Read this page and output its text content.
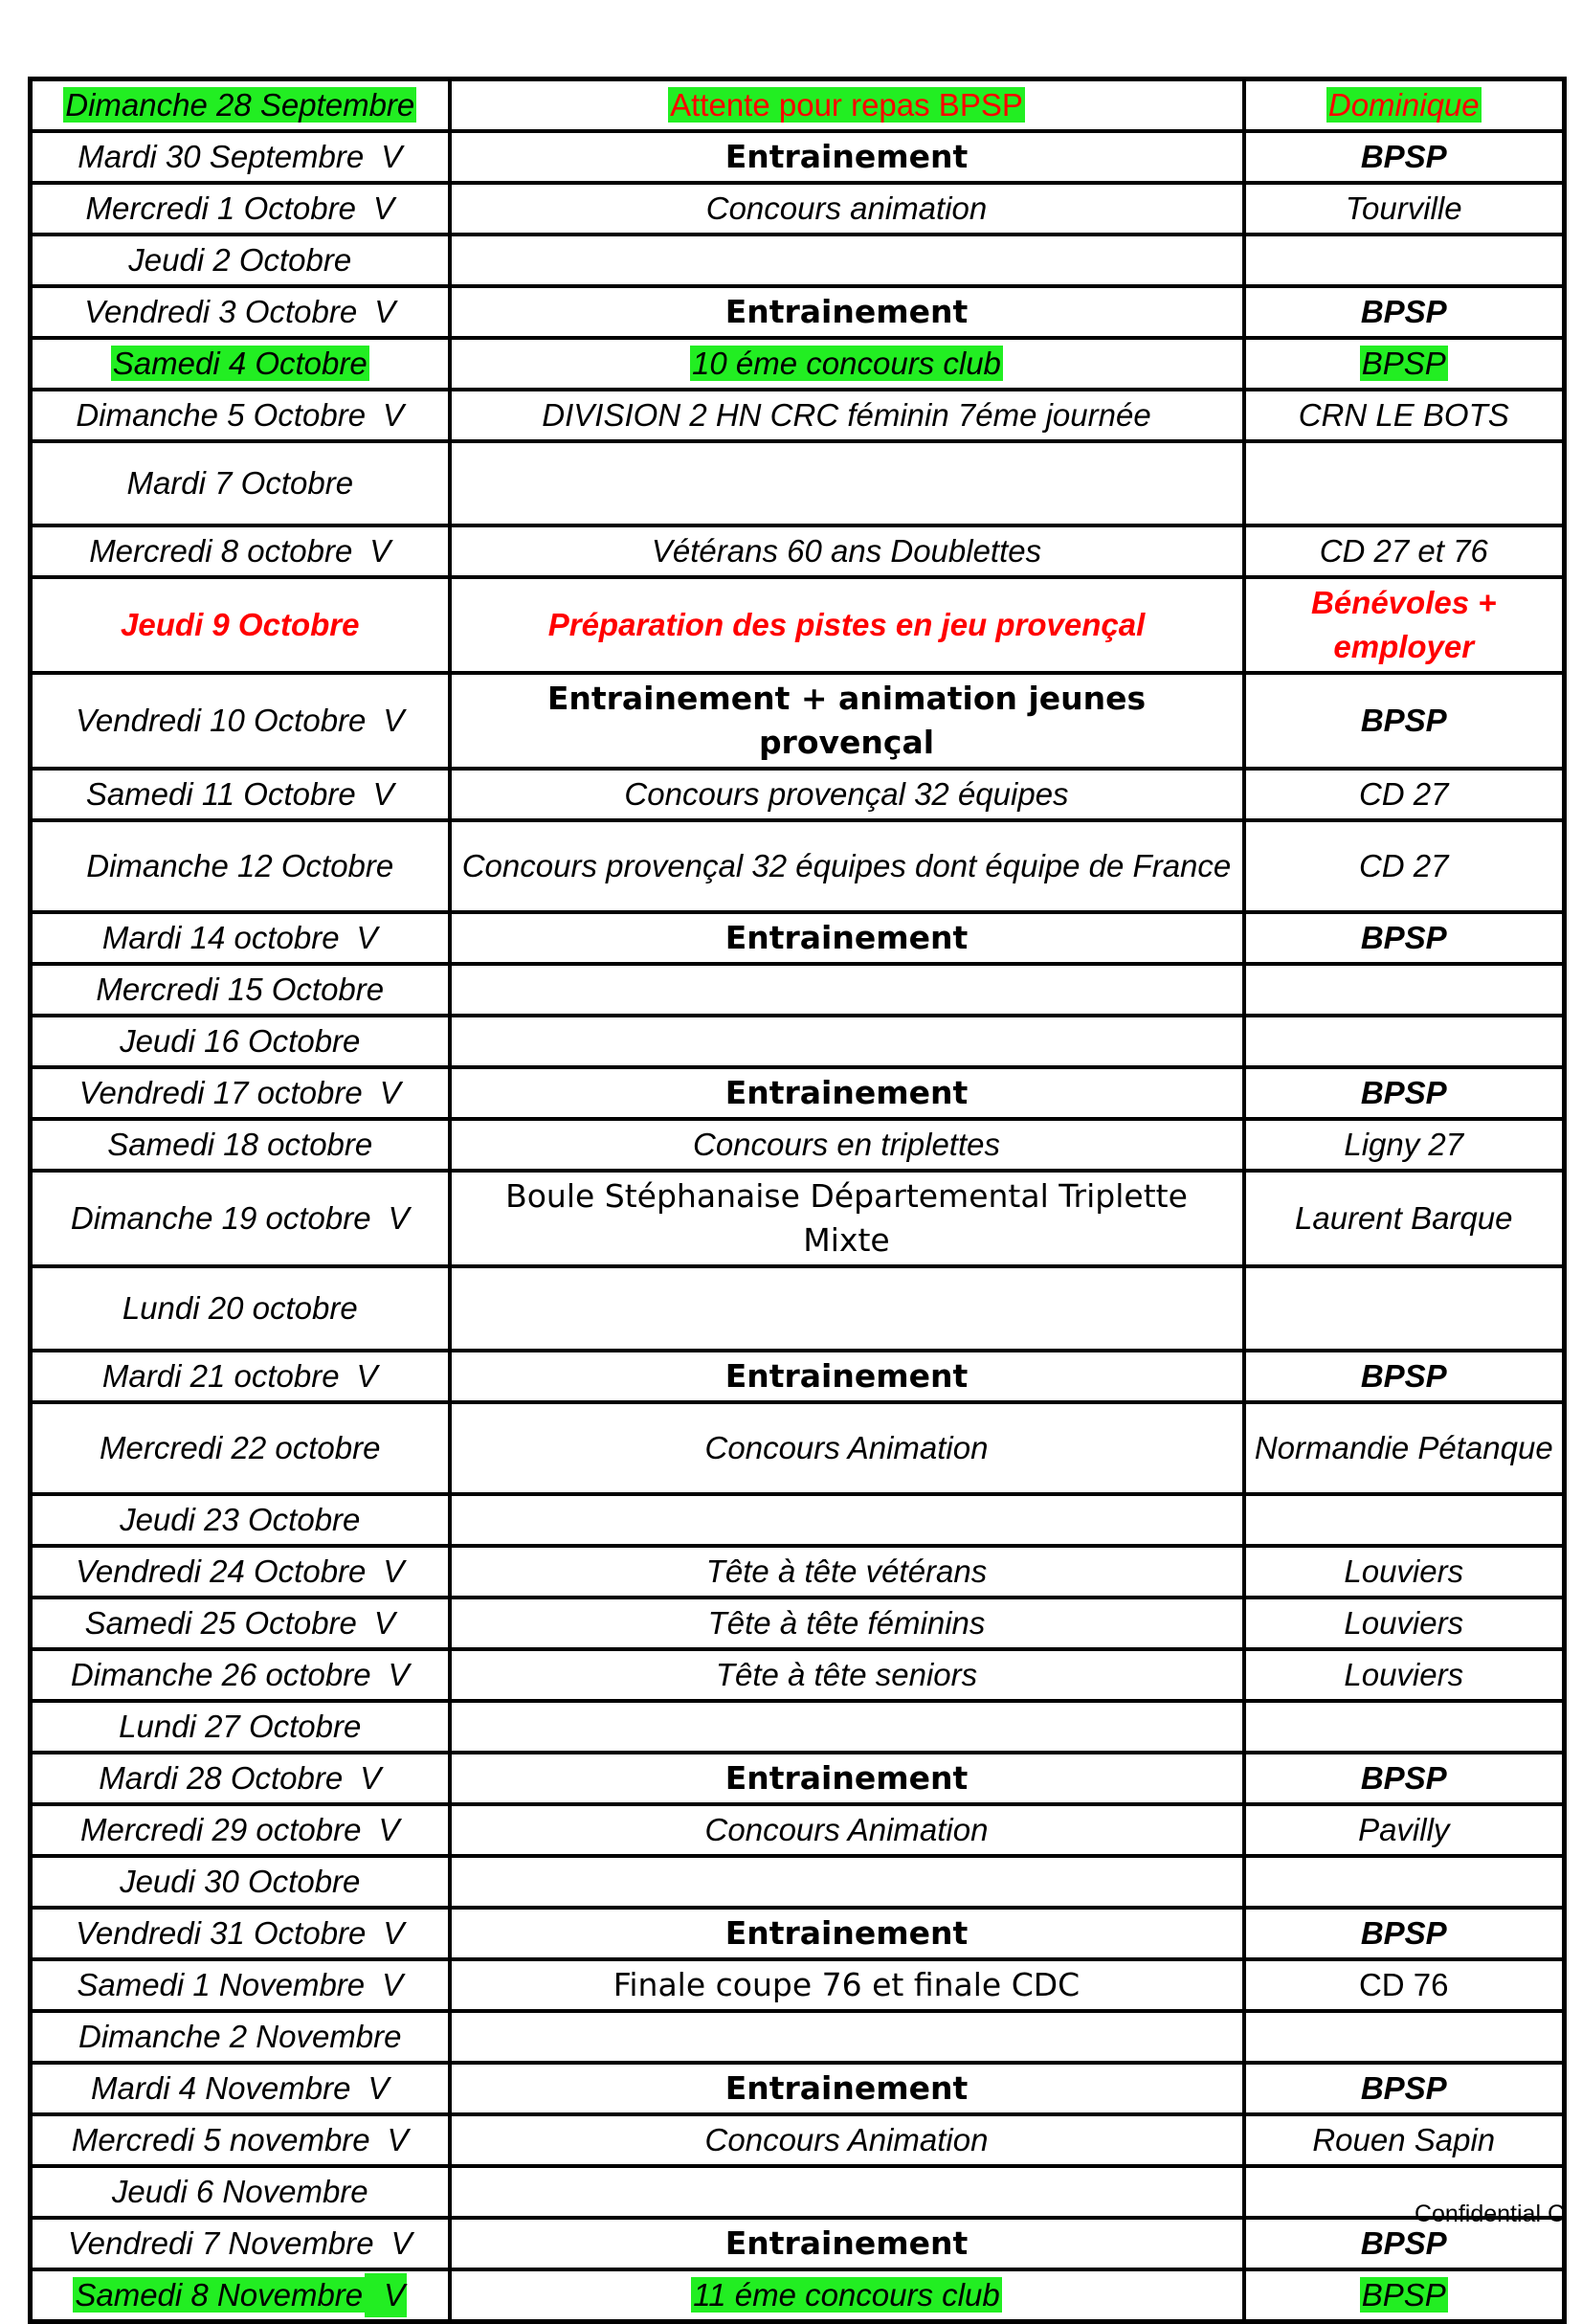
Dimanche 28 Septembre	Attente pour repas BPSP	Dominique
Mardi 30 Septembre V	Entrainement	BPSP
Mercredi 1 Octobre V	Concours animation	Tourville
Jeudi 2 Octobre		
Vendredi 3 Octobre V	Entrainement	BPSP
Samedi 4 Octobre	10 éme concours club	BPSP
Dimanche 5 Octobre V	DIVISION 2 HN CRC féminin 7éme journée	CRN LE BOTS
Mardi 7 Octobre		
Mercredi 8 octobre V	Vétérans 60 ans Doublettes	CD 27 et 76
Jeudi 9 Octobre	Préparation des pistes en jeu provençal	Bénévoles + employer
Vendredi 10 Octobre V	Entrainement + animation jeunes provençal	BPSP
Samedi 11 Octobre V	Concours provençal 32 équipes	CD 27
Dimanche 12 Octobre	Concours provençal 32 équipes dont équipe de France	CD 27
Mardi 14 octobre V	Entrainement	BPSP
Mercredi 15 Octobre		
Jeudi 16 Octobre		
Vendredi 17 octobre V	Entrainement	BPSP
Samedi 18 octobre	Concours en triplettes	Ligny 27
Dimanche 19 octobre V	Boule Stéphanaise Départemental Triplette Mixte	Laurent Barque
Lundi 20 octobre		
Mardi 21 octobre V	Entrainement	BPSP
Mercredi 22 octobre	Concours Animation	Normandie Pétanque
Jeudi 23 Octobre		
Vendredi 24 Octobre V	Tête à tête vétérans	Louviers
Samedi 25 Octobre V	Tête à tête féminins	Louviers
Dimanche 26 octobre V	Tête à tête seniors	Louviers
Lundi 27 Octobre		
Mardi 28 Octobre V	Entrainement	BPSP
Mercredi 29 octobre V	Concours Animation	Pavilly
Jeudi 30 Octobre		
Vendredi 31 Octobre V	Entrainement	BPSP
Samedi 1 Novembre V	Finale coupe 76 et finale CDC	CD 76
Dimanche 2 Novembre		
Mardi 4 Novembre V	Entrainement	BPSP
Mercredi 5 novembre V	Concours Animation	Rouen Sapin
Jeudi 6 Novembre		
Vendredi 7 Novembre V	Entrainement	BPSP
Samedi 8 Novembre V	11 éme concours club	BPSP
Confidential C
